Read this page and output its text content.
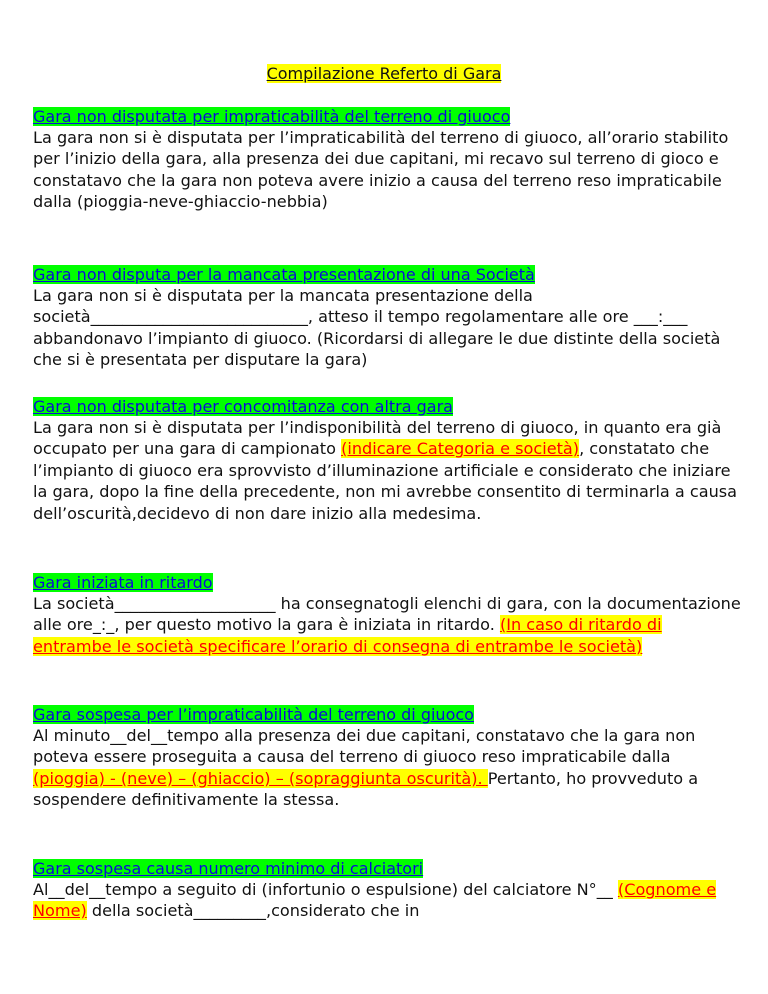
Compilazione Referto di Gara
Gara non disputata per impraticabilità del terreno di giuoco

La gara non si è disputata per l’impraticabilità del terreno di giuoco, all’orario stabilito per l’inizio della gara, alla presenza dei due capitani, mi recavo sul terreno di gioco e constatavo che la gara non poteva avere inizio a causa del terreno reso impraticabile dalla (pioggia-neve-ghiaccio-nebbia)

Gara non disputa per la mancata presentazione di una Società

La gara non si è disputata per la mancata presentazione della società___________________________, atteso il tempo regolamentare alle ore ___:___ abbandonavo l’impianto di giuoco. (Ricordarsi di allegare le due distinte della società che si è presentata per disputare la gara)

Gara non disputata per concomitanza con altra gara

La gara non si è disputata per l’indisponibilità del terreno di giuoco, in quanto era già occupato per una gara di campionato (indicare Categoria e società), constatato che l’impianto di giuoco era sprovvisto d’illuminazione artificiale e considerato che iniziare la gara, dopo la fine della precedente, non mi avrebbe consentito di terminarla a causa dell’oscurità,decidevo di non dare inizio alla medesima.

Gara iniziata in ritardo

La società____________________ ha consegnatogli elenchi di gara, con la documentazione alle ore_:_, per questo motivo la gara è iniziata in ritardo. (In caso di ritardo di entrambe le società specificare l’orario di consegna di entrambe le società)

Gara sospesa per l’impraticabilità del terreno di giuoco

Al minuto__del__tempo alla presenza dei due capitani, constatavo che la gara non poteva essere proseguita a causa del terreno di giuoco reso impraticabile dalla (pioggia) - (neve) – (ghiaccio) – (sopraggiunta oscurità). Pertanto, ho provveduto a sospendere definitivamente la stessa.

Gara sospesa causa numero minimo di calciatori

Al__del__tempo a seguito di (infortunio o espulsione) del calciatore N°__ (Cognome e Nome) della società_________,considerato che in
